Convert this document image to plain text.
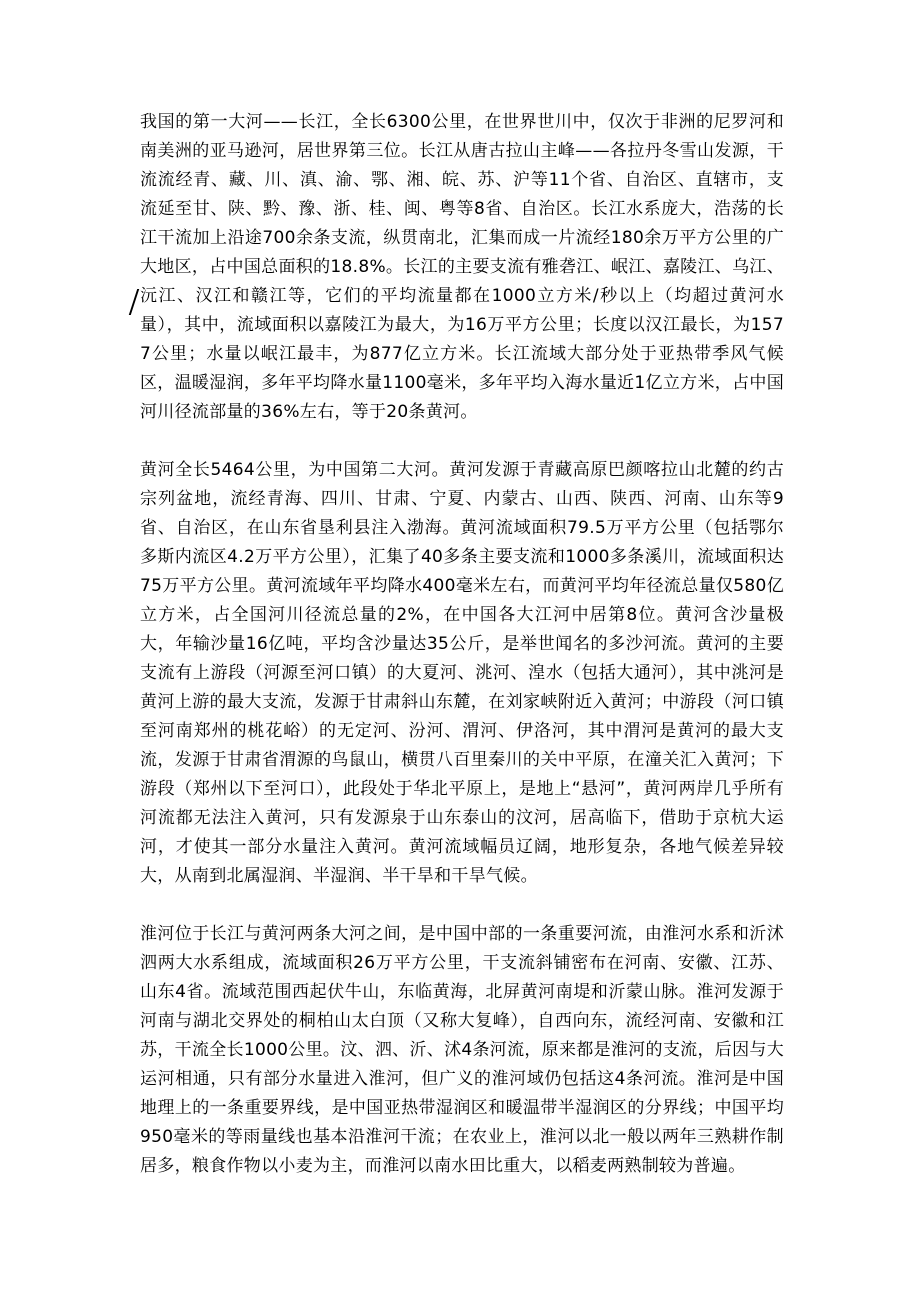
我国的第一大河——长江，全长6300公里，在世界世川中，仅次于非洲的尼罗河和南美洲的亚马逊河，居世界第三位。长江从唐古拉山主峰——各拉丹冬雪山发源，干流流经青、藏、川、滇、渝、鄂、湘、皖、苏、沪等11个省、自治区、直辖市，支流延至甘、陕、黔、豫、浙、桂、闽、粤等8省、自治区。长江水系庞大，浩荡的长江干流加上沿途700余条支流，纵贯南北，汇集而成一片流经180余万平方公里的广大地区，占中国总面积的18.8%。长江的主要支流有雅砻江、岷江、嘉陵江、乌江、沅江、汉江和赣江等，它们的平均流量都在1000立方米/秒以上（均超过黄河水量），其中，流域面积以嘉陵江为最大，为16万平方公里；长度以汉江最长，为1577公里；水量以岷江最丰，为877亿立方米。长江流域大部分处于亚热带季风气候区，温暖湿润，多年平均降水量1100毫米，多年平均入海水量近1亿立方米，占中国河川径流部量的36%左右，等于20条黄河。

黄河全长5464公里，为中国第二大河。黄河发源于青藏高原巴颜喀拉山北麓的约古宗列盆地，流经青海、四川、甘肃、宁夏、内蒙古、山西、陕西、河南、山东等9省、自治区，在山东省垦利县注入渤海。黄河流域面积79.5万平方公里（包括鄂尔多斯内流区4.2万平方公里），汇集了40多条主要支流和1000多条溪川，流域面积达75万平方公里。黄河流域年平均降水400毫米左右，而黄河平均年径流总量仅580亿立方米，占全国河川径流总量的2%，在中国各大江河中居第8位。黄河含沙量极大，年输沙量16亿吨，平均含沙量达35公斤，是举世闻名的多沙河流。黄河的主要支流有上游段（河源至河口镇）的大夏河、洮河、湟水（包括大通河），其中洮河是黄河上游的最大支流，发源于甘肃斜山东麓，在刘家峡附近入黄河；中游段（河口镇至河南郑州的桃花峪）的无定河、汾河、渭河、伊洛河，其中渭河是黄河的最大支流，发源于甘肃省渭源的鸟鼠山，横贯八百里秦川的关中平原，在潼关汇入黄河；下游段（郑州以下至河口），此段处于华北平原上，是地上“悬河”，黄河两岸几乎所有河流都无法注入黄河，只有发源泉于山东泰山的汶河，居高临下，借助于京杭大运河，才使其一部分水量注入黄河。黄河流域幅员辽阔，地形复杂，各地气候差异较大，从南到北属湿润、半湿润、半干旱和干旱气候。

淮河位于长江与黄河两条大河之间，是中国中部的一条重要河流，由淮河水系和沂沭泗两大水系组成，流域面积26万平方公里，干支流斜铺密布在河南、安徽、江苏、山东4省。流域范围西起伏牛山，东临黄海，北屏黄河南堤和沂蒙山脉。淮河发源于河南与湖北交界处的桐柏山太白顶（又称大复峰），自西向东，流经河南、安徽和江苏，干流全长1000公里。汶、泗、沂、沭4条河流，原来都是淮河的支流，后因与大运河相通，只有部分水量进入淮河，但广义的淮河域仍包括这4条河流。淮河是中国地理上的一条重要界线，是中国亚热带湿润区和暖温带半湿润区的分界线；中国平均950毫米的等雨量线也基本沿淮河干流；在农业上，淮河以北一般以两年三熟耕作制居多，粮食作物以小麦为主，而淮河以南水田比重大，以稻麦两熟制较为普遍。
